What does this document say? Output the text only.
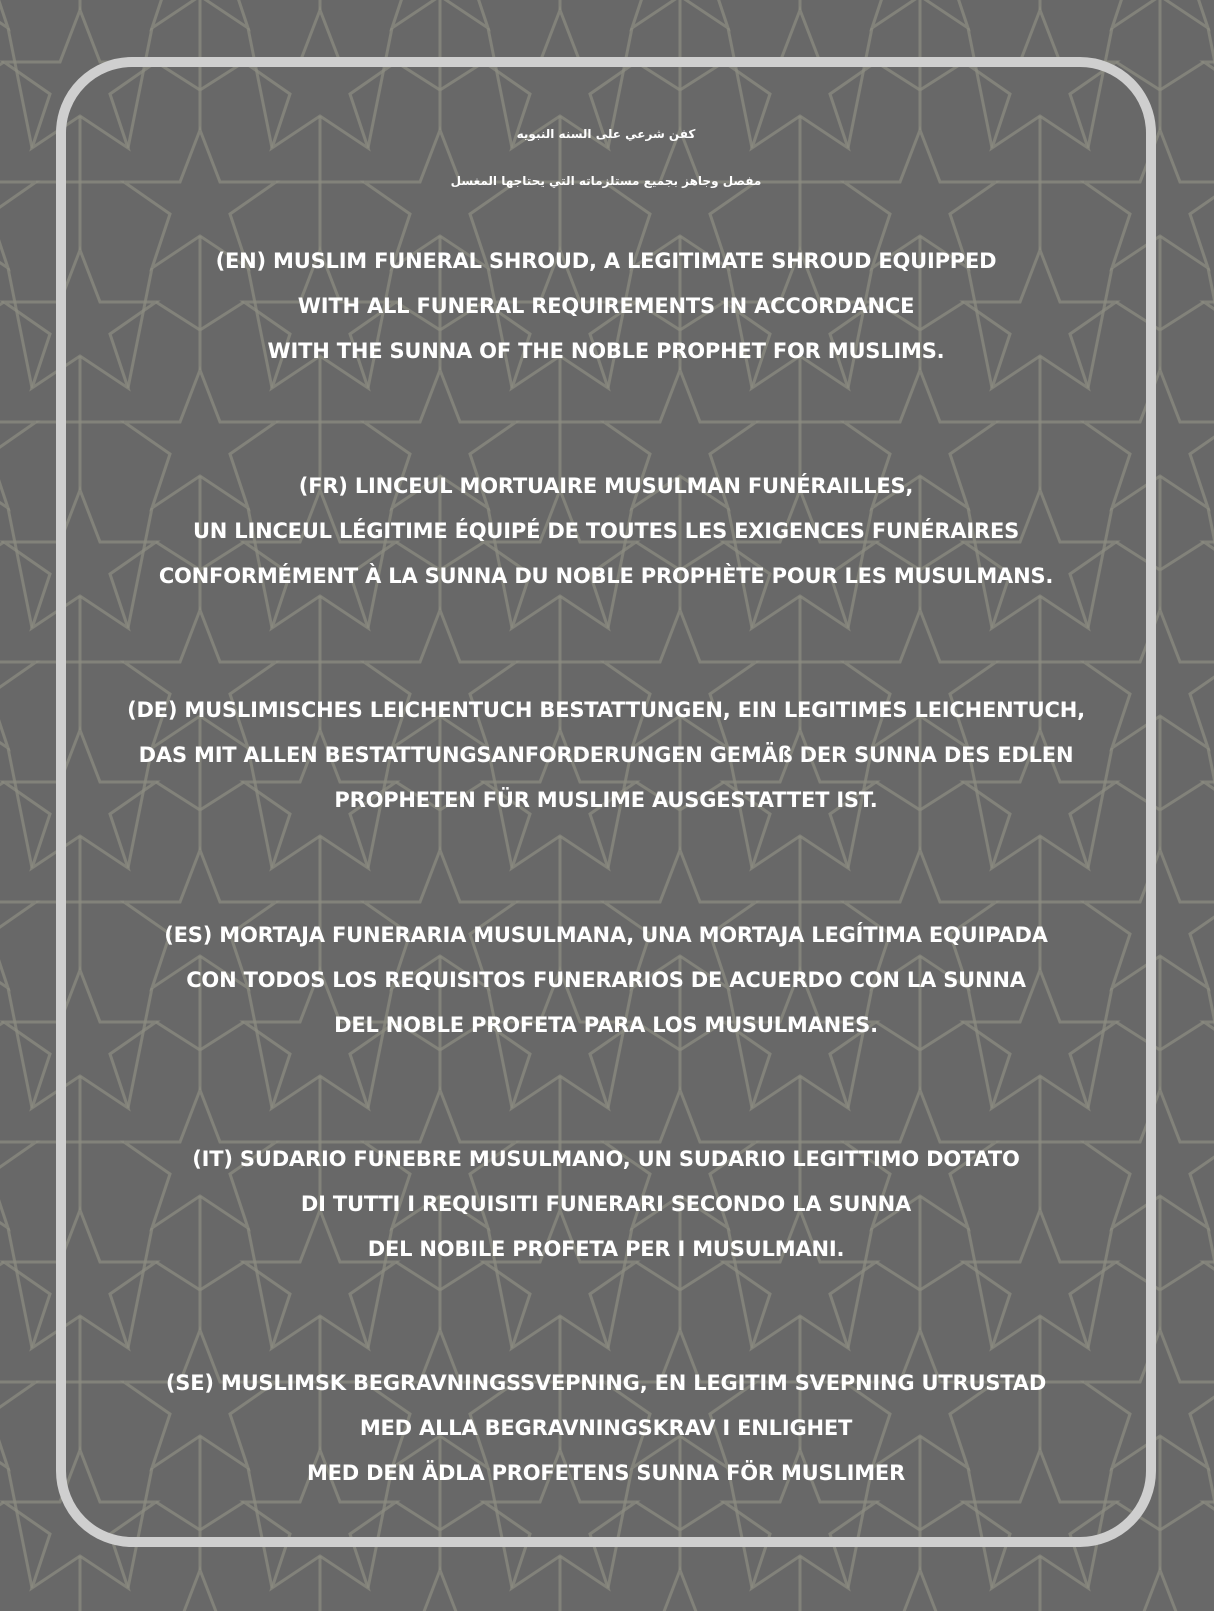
كفن شرعي على السنه النبويه
مفصل وجاهز بجميع مستلزماته التي يحتاجها المغسل
(EN) MUSLIM FUNERAL SHROUD, A LEGITIMATE SHROUD EQUIPPED
WITH ALL FUNERAL REQUIREMENTS IN ACCORDANCE
WITH THE SUNNA OF THE NOBLE PROPHET FOR MUSLIMS.
(FR) LINCEUL MORTUAIRE MUSULMAN FUNÉRAILLES,
UN LINCEUL LÉGITIME ÉQUIPÉ DE TOUTES LES EXIGENCES FUNÉRAIRES
CONFORMÉMENT À LA SUNNA DU NOBLE PROPHÈTE POUR LES MUSULMANS.
(DE) MUSLIMISCHES LEICHENTUCH BESTATTUNGEN, EIN LEGITIMES LEICHENTUCH,
DAS MIT ALLEN BESTATTUNGSANFORDERUNGEN GEMÄß DER SUNNA DES EDLEN
PROPHETEN FÜR MUSLIME AUSGESTATTET IST.
(ES) MORTAJA FUNERARIA MUSULMANA, UNA MORTAJA LEGÍTIMA EQUIPADA
CON TODOS LOS REQUISITOS FUNERARIOS DE ACUERDO CON LA SUNNA
DEL NOBLE PROFETA PARA LOS MUSULMANES.
(IT) SUDARIO FUNEBRE MUSULMANO, UN SUDARIO LEGITTIMO DOTATO
DI TUTTI I REQUISITI FUNERARI SECONDO LA SUNNA
DEL NOBILE PROFETA PER I MUSULMANI.
(SE) MUSLIMSK BEGRAVNINGSSVEPNING, EN LEGITIM SVEPNING UTRUSTAD
MED ALLA BEGRAVNINGSKRAV I ENLIGHET
MED DEN ÄDLA PROFETENS SUNNA FÖR MUSLIMER
